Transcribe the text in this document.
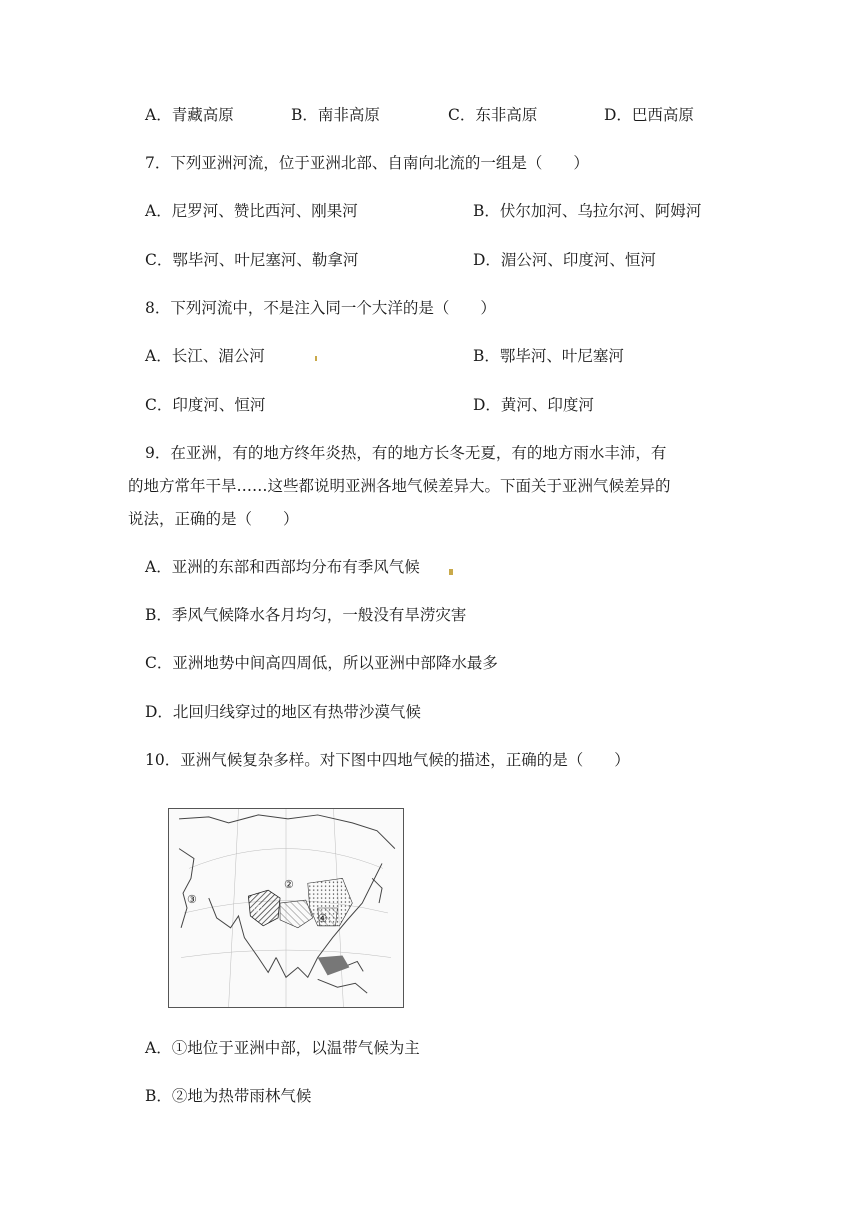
A．青藏高原	B．南非高原	C．东非高原	D．巴西高原
7．下列亚洲河流，位于亚洲北部、自南向北流的一组是（　　）
A．尼罗河、赞比西河、刚果河	B．伏尔加河、乌拉尔河、阿姆河
C．鄂毕河、叶尼塞河、勒拿河	D．湄公河、印度河、恒河
8．下列河流中，不是注入同一个大洋的是（　　）
A．长江、湄公河	B．鄂毕河、叶尼塞河
C．印度河、恒河	D．黄河、印度河
9．在亚洲，有的地方终年炎热，有的地方长冬无夏，有的地方雨水丰沛，有
的地方常年干旱……这些都说明亚洲各地气候差异大。下面关于亚洲气候差异的
说法，正确的是（　　）
A．亚洲的东部和西部均分布有季风气候
B．季风气候降水各月均匀，一般没有旱涝灾害
C．亚洲地势中间高四周低，所以亚洲中部降水最多
D．北回归线穿过的地区有热带沙漠气候
10．亚洲气候复杂多样。对下图中四地气候的描述，正确的是（　　）
②
③
④
①
A．①地位于亚洲中部，以温带气候为主
B．②地为热带雨林气候
